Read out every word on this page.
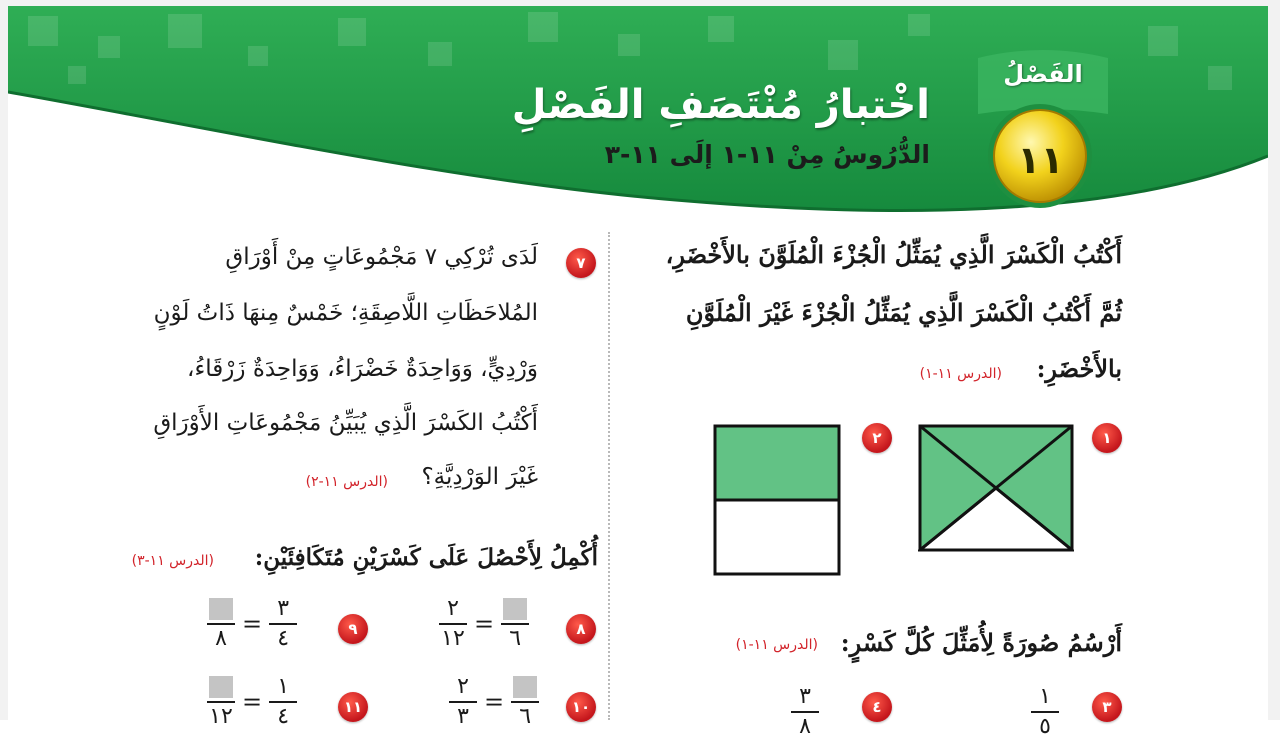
اخْتبارُ مُنْتَصَفِ الفَصْلِ
الدُّرُوسُ مِنْ ١١-١ إلَى ١١-٣
الفَصْلُ
١١
أَكْتُبُ الْكَسْرَ الَّذِي يُمَثِّلُ الْجُزْءَ الْمُلَوَّنَ بالأَخْضَرِ،
ثُمَّ أَكْتُبُ الْكَسْرَ الَّذِي يُمَثِّلُ الْجُزْءَ غَيْرَ الْمُلَوَّنِ
بالأَخْضَرِ:
(الدرس ١١-١)
١
٢
أَرْسُمُ صُورَةً لِأُمَثِّلَ كُلَّ كَسْرٍ:
(الدرس ١١-١)
٣
١
٥
٤
٣
٨
٧
لَدَى تُرْكِي ٧ مَجْمُوعَاتٍ مِنْ أَوْرَاقِ
المُلاحَظَاتِ اللَّاصِقَةِ؛ خَمْسٌ مِنهَا ذَاتُ لَوْنٍ
وَرْدِيٍّ، وَوَاحِدَةٌ خَضْرَاءُ، وَوَاحِدَةٌ زَرْقَاءُ،
أَكْتُبُ الكَسْرَ الَّذِي يُبَيِّنُ مَجْمُوعَاتِ الأَوْرَاقِ
غَيْرَ الوَرْدِيَّةِ؟
(الدرس ١١-٢)
أُكْمِلُ لِأَحْصُلَ عَلَى كَسْرَيْنِ مُتَكَافِئَيْنِ:
(الدرس ١١-٣)
٨
٢
١٢
=
٦
٩
٨
=
٣
٤
١٠
٢
٣
=
٦
١١
١٢
=
١
٤
